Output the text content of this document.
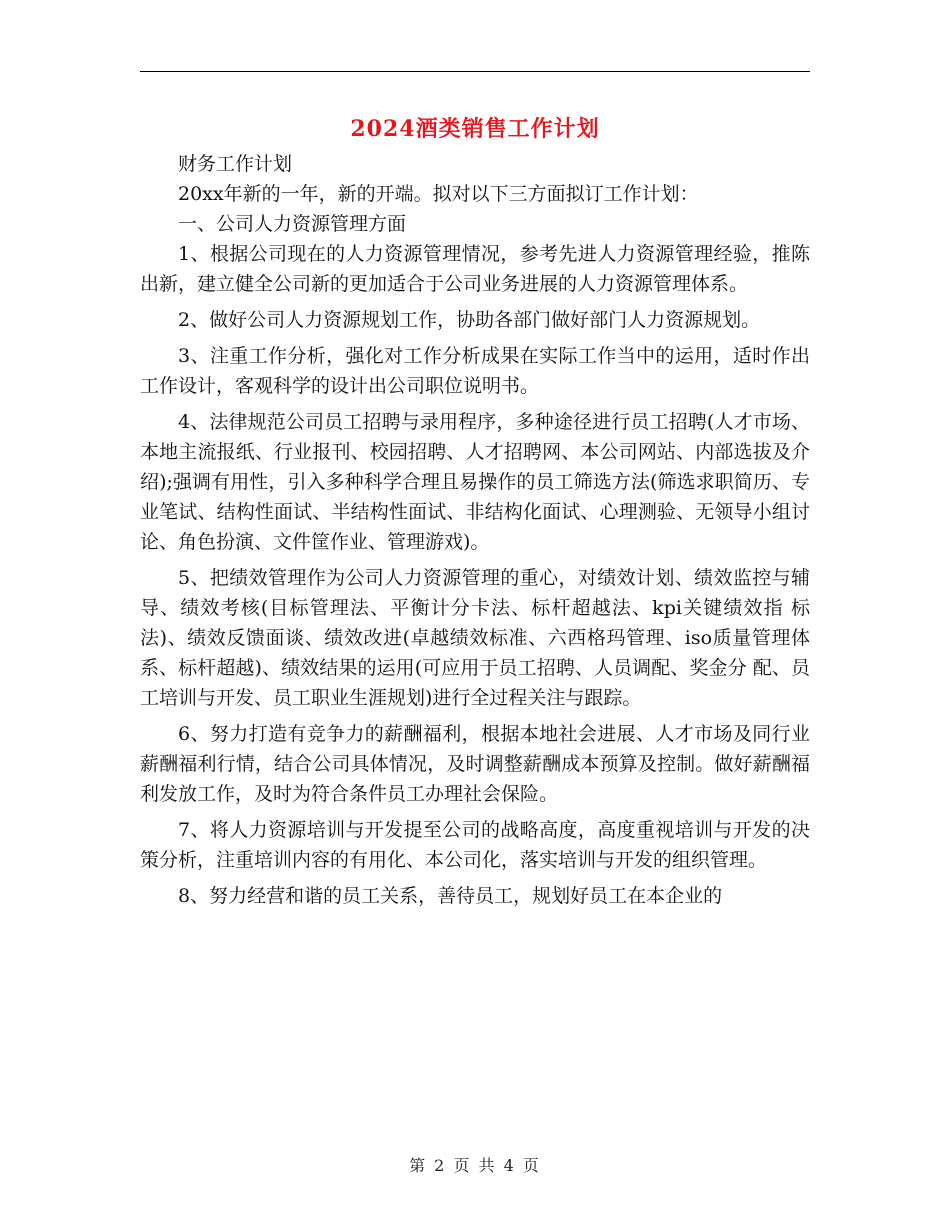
2024酒类销售工作计划

财务工作计划

20xx年新的一年，新的开端。拟对以下三方面拟订工作计划：

一、公司人力资源管理方面

1、根据公司现在的人力资源管理情况，参考先进人力资源管理经验，推陈出新，建立健全公司新的更加适合于公司业务进展的人力资源管理体系。

2、做好公司人力资源规划工作，协助各部门做好部门人力资源规划。

3、注重工作分析，强化对工作分析成果在实际工作当中的运用，适时作出工作设计，客观科学的设计出公司职位说明书。

4、法律规范公司员工招聘与录用程序，多种途径进行员工招聘(人才市场、本地主流报纸、行业报刊、校园招聘、人才招聘网、本公司网站、内部选拔及介 绍);强调有用性，引入多种科学合理且易操作的员工筛选方法(筛选求职简历、专业笔试、结构性面试、半结构性面试、非结构化面试、心理测验、无领导小组讨 论、角色扮演、文件筐作业、管理游戏)。

5、把绩效管理作为公司人力资源管理的重心，对绩效计划、绩效监控与辅导、绩效考核(目标管理法、平衡计分卡法、标杆超越法、kpi关键绩效指 标法)、绩效反馈面谈、绩效改进(卓越绩效标准、六西格玛管理、iso质量管理体系、标杆超越)、绩效结果的运用(可应用于员工招聘、人员调配、奖金分 配、员工培训与开发、员工职业生涯规划)进行全过程关注与跟踪。

6、努力打造有竞争力的薪酬福利，根据本地社会进展、人才市场及同行业薪酬福利行情，结合公司具体情况，及时调整薪酬成本预算及控制。做好薪酬福利发放工作，及时为符合条件员工办理社会保险。

7、将人力资源培训与开发提至公司的战略高度，高度重视培训与开发的决策分析，注重培训内容的有用化、本公司化，落实培训与开发的组织管理。

8、努力经营和谐的员工关系，善待员工，规划好员工在本企业的

第 2 页 共 4 页
